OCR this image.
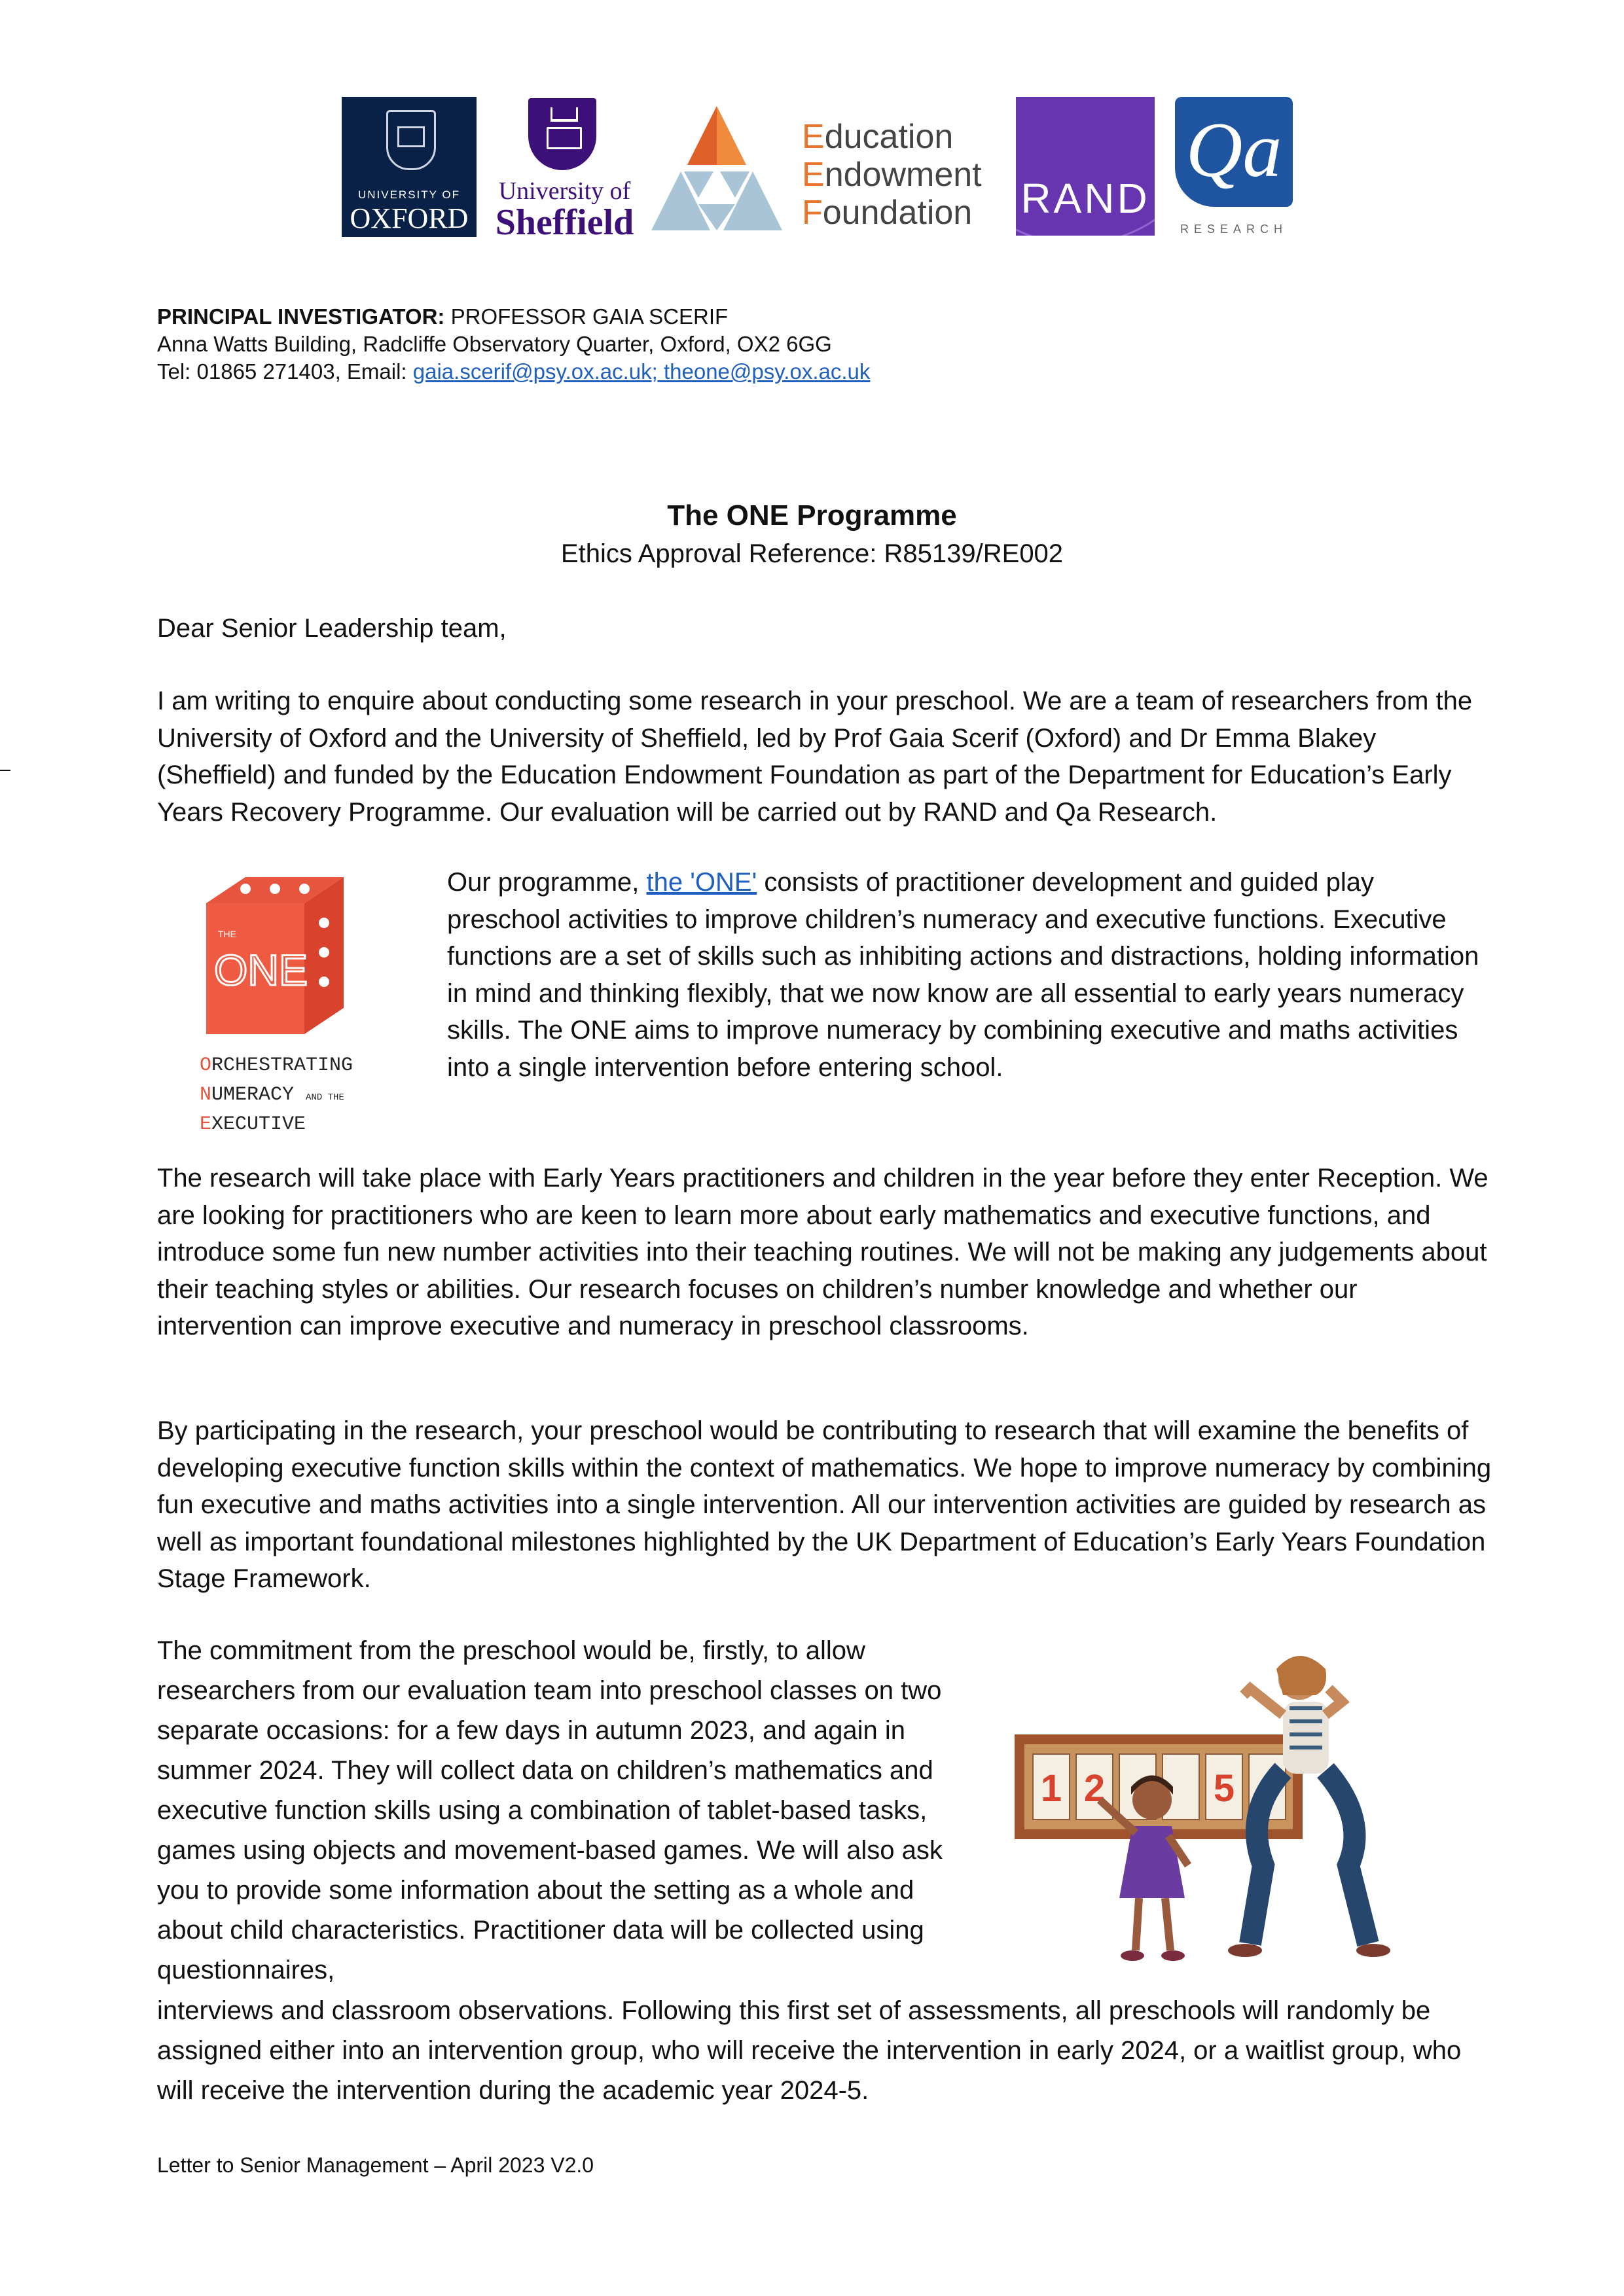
UNIVERSITY OF
OXFORD
University of
Sheffield
Education
Endowment
Foundation RAND
Qa
RESEARCH
PRINCIPAL INVESTIGATOR: PROFESSOR GAIA SCERIF
Anna Watts Building, Radcliffe Observatory Quarter, Oxford, OX2 6GG
Tel: 01865 271403, Email: gaia.scerif@psy.ox.ac.uk; theone@psy.ox.ac.uk
The ONE Programme
Ethics Approval Reference: R85139/RE002
Dear Senior Leadership team,

I am writing to enquire about conducting some research in your preschool. We are a team of researchers from the University of Oxford and the University of Sheffield, led by Prof Gaia Scerif (Oxford) and Dr Emma Blakey (Sheffield) and funded by the Education Endowment Foundation as part of the Department for Education’s Early Years Recovery Programme. Our evaluation will be carried out by RAND and Qa Research.

THE
ONE
ORCHESTRATING
NUMERACY AND THE
EXECUTIVE

Our programme, the 'ONE' consists of practitioner development and guided play preschool activities to improve children’s numeracy and executive functions. Executive functions are a set of skills such as inhibiting actions and distractions, holding information in mind and thinking flexibly, that we now know are all essential to early years numeracy skills. The ONE aims to improve numeracy by combining executive and maths activities into a single intervention before entering school.

The research will take place with Early Years practitioners and children in the year before they enter Reception. We are looking for practitioners who are keen to learn more about early mathematics and executive functions, and introduce some fun new number activities into their teaching routines. We will not be making any judgements about their teaching styles or abilities. Our research focuses on children’s number knowledge and whether our intervention can improve executive and numeracy in preschool classrooms.

By participating in the research, your preschool would be contributing to research that will examine the benefits of developing executive function skills within the context of mathematics. We hope to improve numeracy by combining fun executive and maths activities into a single intervention. All our intervention activities are guided by research as well as important foundational milestones highlighted by the UK Department of Education’s Early Years Foundation Stage Framework.

The commitment from the preschool would be, firstly, to allow researchers from our evaluation team into preschool classes on two separate occasions: for a few days in autumn 2023, and again in summer 2024. They will collect data on children’s mathematics and executive function skills using a combination of tablet-based tasks, games using objects and movement-based games. We will also ask you to provide some information about the setting as a whole and about child characteristics. Practitioner data will be collected using questionnaires,

1 2	5

interviews and classroom observations. Following this first set of assessments, all preschools will randomly be assigned either into an intervention group, who will receive the intervention in early 2024, or a waitlist group, who will receive the intervention during the academic year 2024-5.

Letter to Senior Management – April 2023 V2.0
